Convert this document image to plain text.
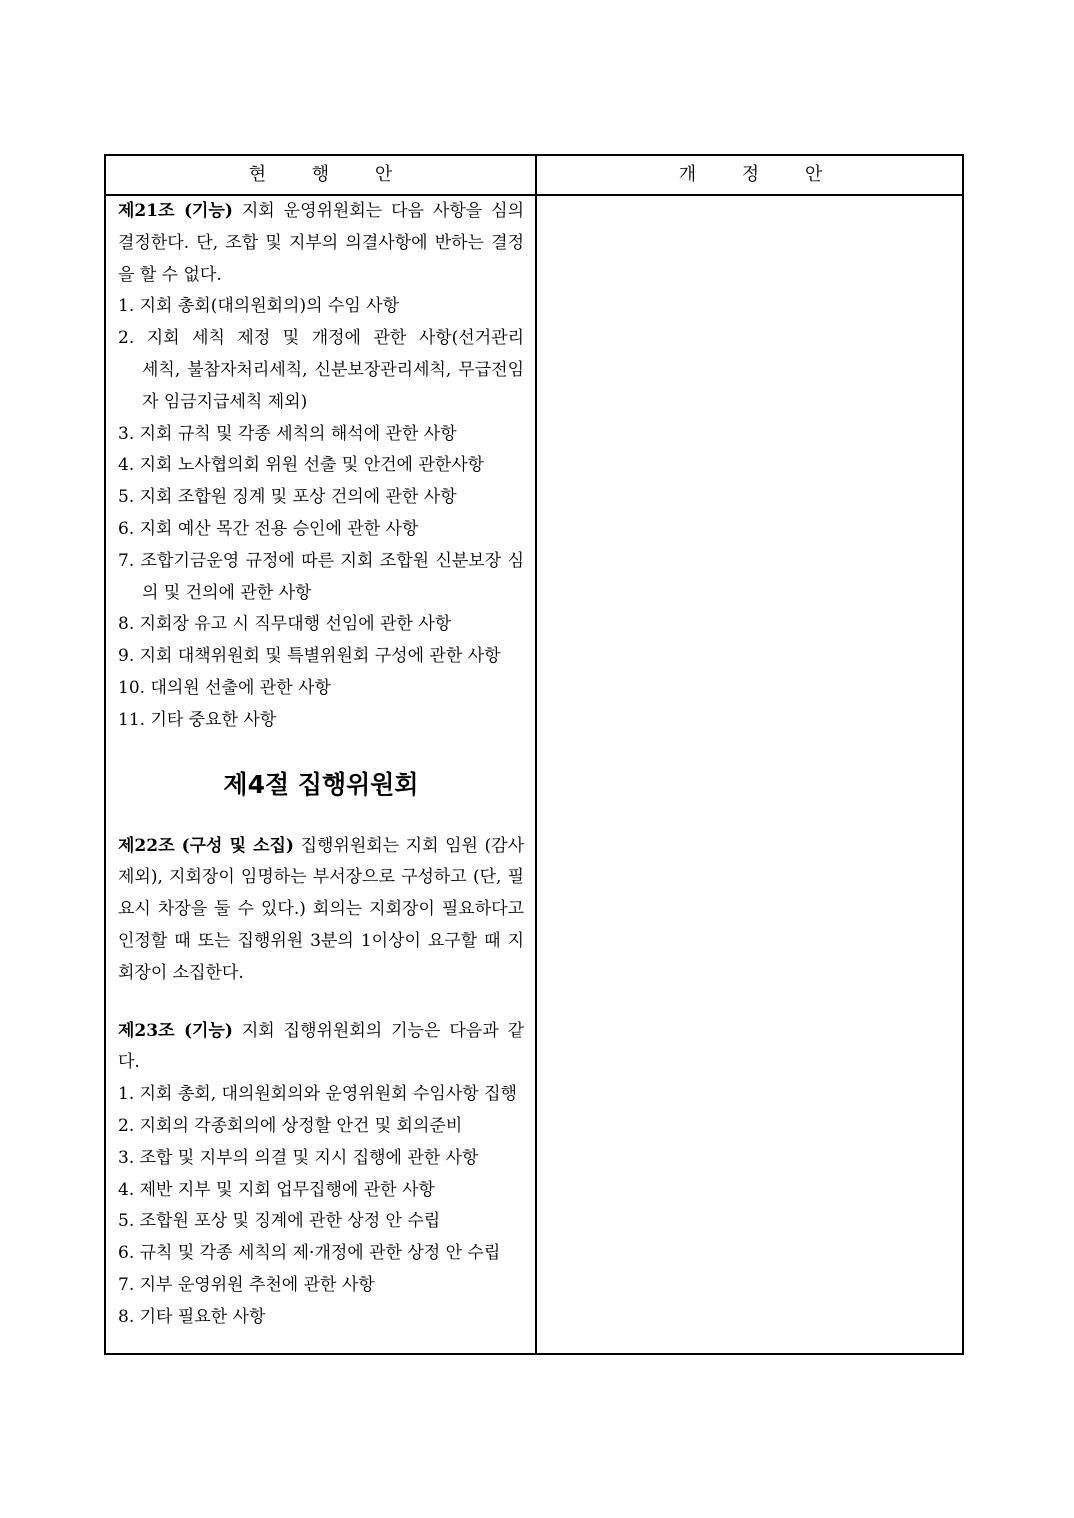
현 행 안	개 정 안
제21조 (기능) 지회 운영위원회는 다음 사항을 심의
결정한다. 단, 조합 및 지부의 의결사항에 반하는 결정
을 할 수 없다.
1. 지회 총회(대의원회의)의 수임 사항
2. 지회 세칙 제정 및 개정에 관한 사항(선거관리
세칙, 불참자처리세칙, 신분보장관리세칙, 무급전임
자 임금지급세칙 제외)
3. 지회 규칙 및 각종 세칙의 해석에 관한 사항
4. 지회 노사협의회 위원 선출 및 안건에 관한사항
5. 지회 조합원 징계 및 포상 건의에 관한 사항
6. 지회 예산 목간 전용 승인에 관한 사항
7. 조합기금운영 규정에 따른 지회 조합원 신분보장 심
의 및 건의에 관한 사항
8. 지회장 유고 시 직무대행 선임에 관한 사항
9. 지회 대책위원회 및 특별위원회 구성에 관한 사항
10. 대의원 선출에 관한 사항
11. 기타 중요한 사항
제4절 집행위원회
제22조 (구성 및 소집) 집행위원회는 지회 임원 (감사
제외), 지회장이 임명하는 부서장으로 구성하고 (단, 필
요시 차장을 둘 수 있다.) 회의는 지회장이 필요하다고
인정할 때 또는 집행위원 3분의 1이상이 요구할 때 지
회장이 소집한다.
제23조 (기능) 지회 집행위원회의 기능은 다음과 같
다.
1. 지회 총회, 대의원회의와 운영위원회 수임사항 집행
2. 지회의 각종회의에 상정할 안건 및 회의준비
3. 조합 및 지부의 의결 및 지시 집행에 관한 사항
4. 제반 지부 및 지회 업무집행에 관한 사항
5. 조합원 포상 및 징계에 관한 상정 안 수립
6. 규칙 및 각종 세칙의 제·개정에 관한 상정 안 수립
7. 지부 운영위원 추천에 관한 사항
8. 기타 필요한 사항
